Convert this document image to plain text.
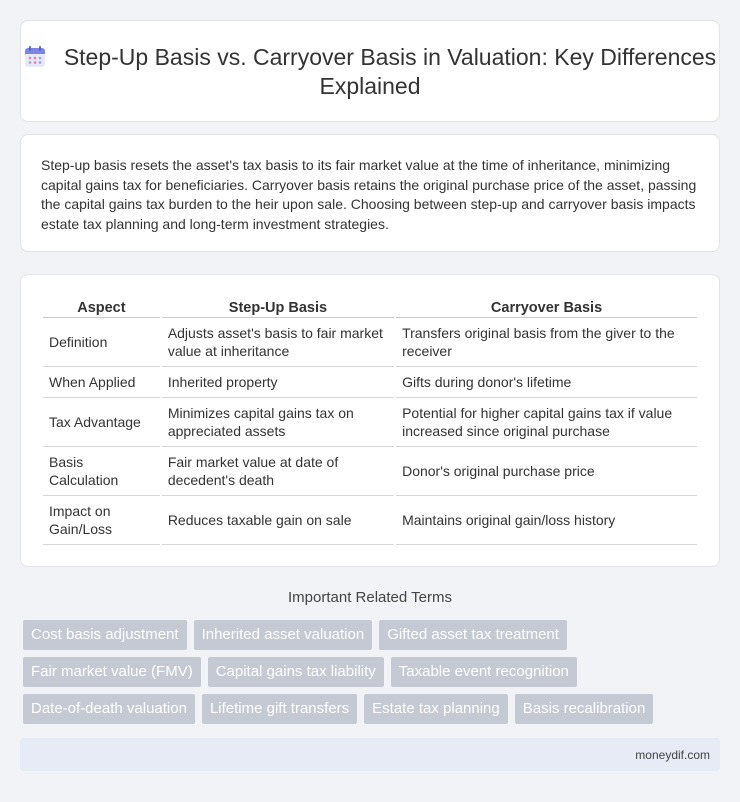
Step-Up Basis vs. Carryover Basis in Valuation: Key Differences Explained

Step-up basis resets the asset's tax basis to its fair market value at the time of inheritance, minimizing capital gains tax for beneficiaries. Carryover basis retains the original purchase price of the asset, passing the capital gains tax burden to the heir upon sale. Choosing between step-up and carryover basis impacts estate tax planning and long-term investment strategies.

Aspect	Step-Up Basis	Carryover Basis
Definition	Adjusts asset's basis to fair market value at inheritance	Transfers original basis from the giver to the receiver
When Applied	Inherited property	Gifts during donor's lifetime
Tax Advantage	Minimizes capital gains tax on appreciated assets	Potential for higher capital gains tax if value increased since original purchase
Basis Calculation	Fair market value at date of decedent's death	Donor's original purchase price
Impact on Gain/Loss	Reduces taxable gain on sale	Maintains original gain/loss history
Important Related Terms
Cost basis adjustment	Inherited asset valuation	Gifted asset tax treatment
Fair market value (FMV)	Capital gains tax liability	Taxable event recognition
Date-of-death valuation	Lifetime gift transfers	Estate tax planning	Basis recalibration
moneydif.com
